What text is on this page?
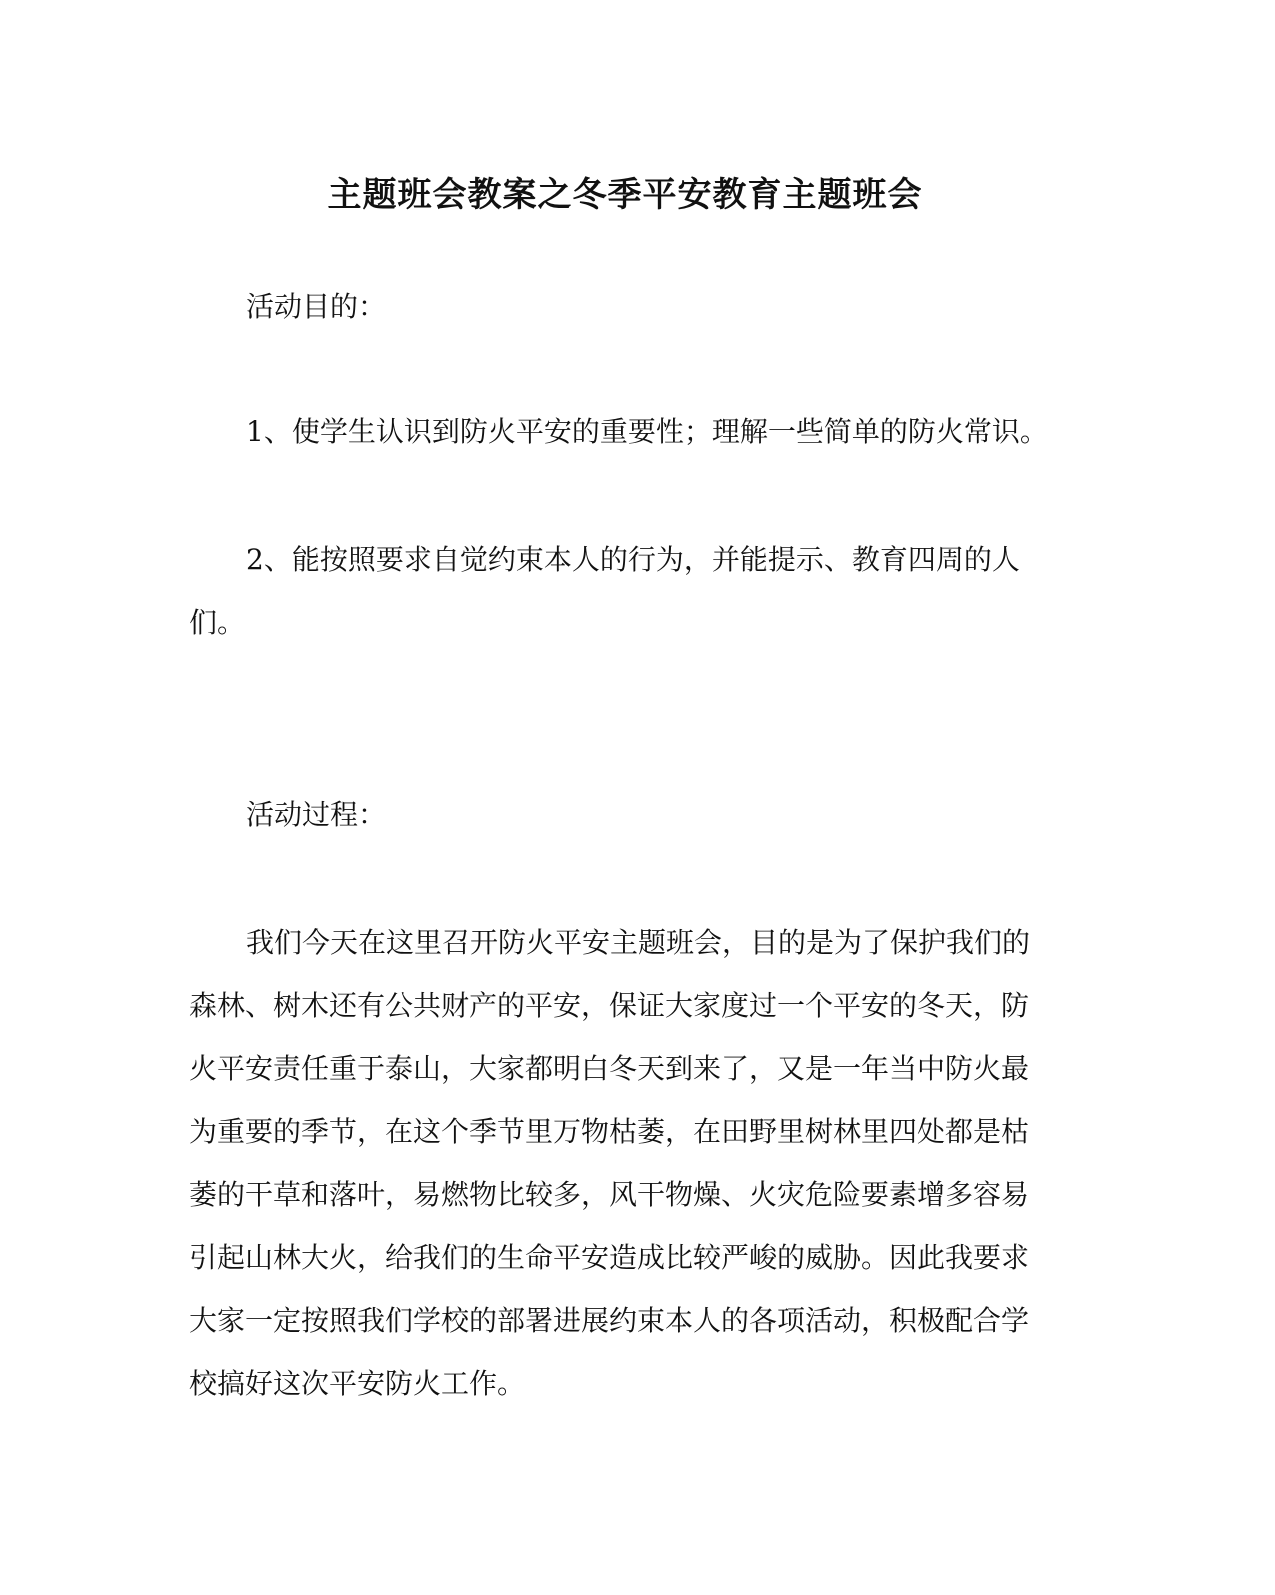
主题班会教案之冬季平安教育主题班会

活动目的：

1、使学生认识到防火平安的重要性；理解一些简单的防火常识。

2、能按照要求自觉约束本人的行为，并能提示、教育四周的人们。

活动过程：

我们今天在这里召开防火平安主题班会，目的是为了保护我们的森林、树木还有公共财产的平安，保证大家度过一个平安的冬天，防火平安责任重于泰山，大家都明白冬天到来了，又是一年当中防火最为重要的季节，在这个季节里万物枯萎，在田野里树林里四处都是枯萎的干草和落叶，易燃物比较多，风干物燥、火灾危险要素增多容易引起山林大火，给我们的生命平安造成比较严峻的威胁。因此我要求大家一定按照我们学校的部署进展约束本人的各项活动，积极配合学校搞好这次平安防火工作。
